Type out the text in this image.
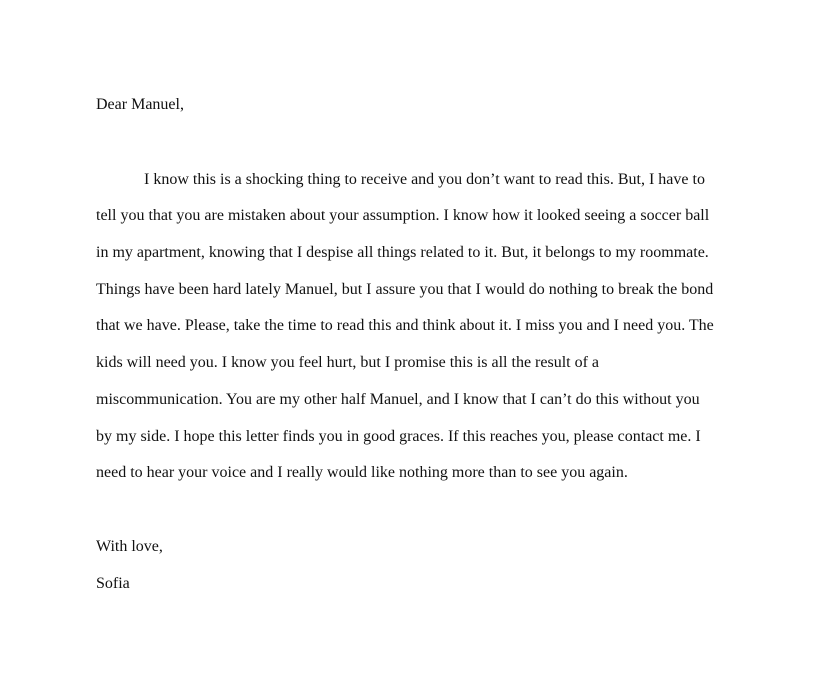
Dear Manuel,
I know this is a shocking thing to receive and you don’t want to read this. But, I have to
tell you that you are mistaken about your assumption. I know how it looked seeing a soccer ball
in my apartment, knowing that I despise all things related to it. But, it belongs to my roommate.
Things have been hard lately Manuel, but I assure you that I would do nothing to break the bond
that we have. Please, take the time to read this and think about it. I miss you and I need you. The
kids will need you. I know you feel hurt, but I promise this is all the result of a
miscommunication. You are my other half Manuel, and I know that I can’t do this without you
by my side. I hope this letter finds you in good graces. If this reaches you, please contact me. I
need to hear your voice and I really would like nothing more than to see you again.
With love,
Sofia
